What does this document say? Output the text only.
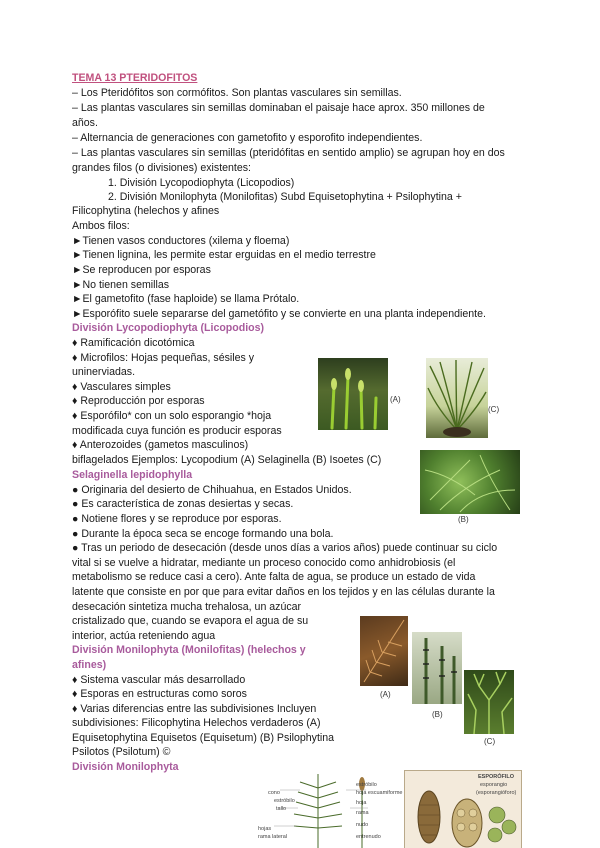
TEMA 13 PTERIDOFITOS
– Los Pteridófitos son cormófitos. Son plantas vasculares sin semillas.
– Las plantas vasculares sin semillas dominaban el paisaje hace aprox. 350 millones de
años.
– Alternancia de generaciones con gametofito y esporofito independientes.
– Las plantas vasculares sin semillas (pteridófitas en sentido amplio) se agrupan hoy en dos
grandes filos (o divisiones) existentes:
1. División Lycopodiophyta (Licopodios)
2. División Monilophyta (Monilofitas) Subd Equisetophytina + Psilophytina +
Filicophytina (helechos y afines
Ambos filos:
►Tienen vasos conductores (xilema y floema)
►Tienen lignina, les permite estar erguidas en el medio terrestre
►Se reproducen por esporas
►No tienen semillas
►El gametofito (fase haploide) se llama Prótalo.
►Esporófito suele separarse del gametófito y se convierte en una planta independiente.
División Lycopodiophyta (Licopodios)
♦ Ramificación dicotómica
♦ Microfilos: Hojas pequeñas, sésiles y
uninerviadas.
♦ Vasculares simples
♦ Reproducción por esporas
♦ Esporófilo* con un solo esporangio *hoja
modificada cuya función es producir esporas
♦ Anterozoides (gametos masculinos)
biflagelados Ejemplos: Lycopodium (A) Selaginella (B) Isoetes (C)
(A)
(C)
Selaginella lepidophylla
● Originaria del desierto de Chihuahua, en Estados Unidos.
● Es característica de zonas desiertas y secas.
● Notiene flores y se reproduce por esporas.
● Durante la época seca se encoge formando una bola.
● Tras un periodo de desecación (desde unos días a varios años) puede continuar su ciclo
vital si se vuelve a hidratar, mediante un proceso conocido como anhidrobiosis (el
metabolismo se reduce casi a cero). Ante falta de agua, se produce un estado de vida
latente que consiste en por que para evitar daños en los tejidos y en las células durante la
desecación sintetiza mucha trehalosa, un azúcar
cristalizado que, cuando se evapora el agua de su
interior, actúa reteniendo agua
(B)
División Monilophyta (Monilofitas) (helechos y
afines)
♦ Sistema vascular más desarrollado
♦ Esporas en estructuras como soros
♦ Varias diferencias entre las subdivisiones Incluyen
subdivisiones: Filicophytina Helechos verdaderos (A)
Equisetophytina Equisetos (Equisetum) (B) Psilophytina
Psilotos (Psilotum) ©
División Monilophyta
(A)
(B)
(C)
cono
estróbilo
tallo
hojas
rama lateral
estróbilo
hoja escuamiforme
hoja
rama
nudo
entrenudo
ESPORÓFILO
esporangio
(esporangióforo)
